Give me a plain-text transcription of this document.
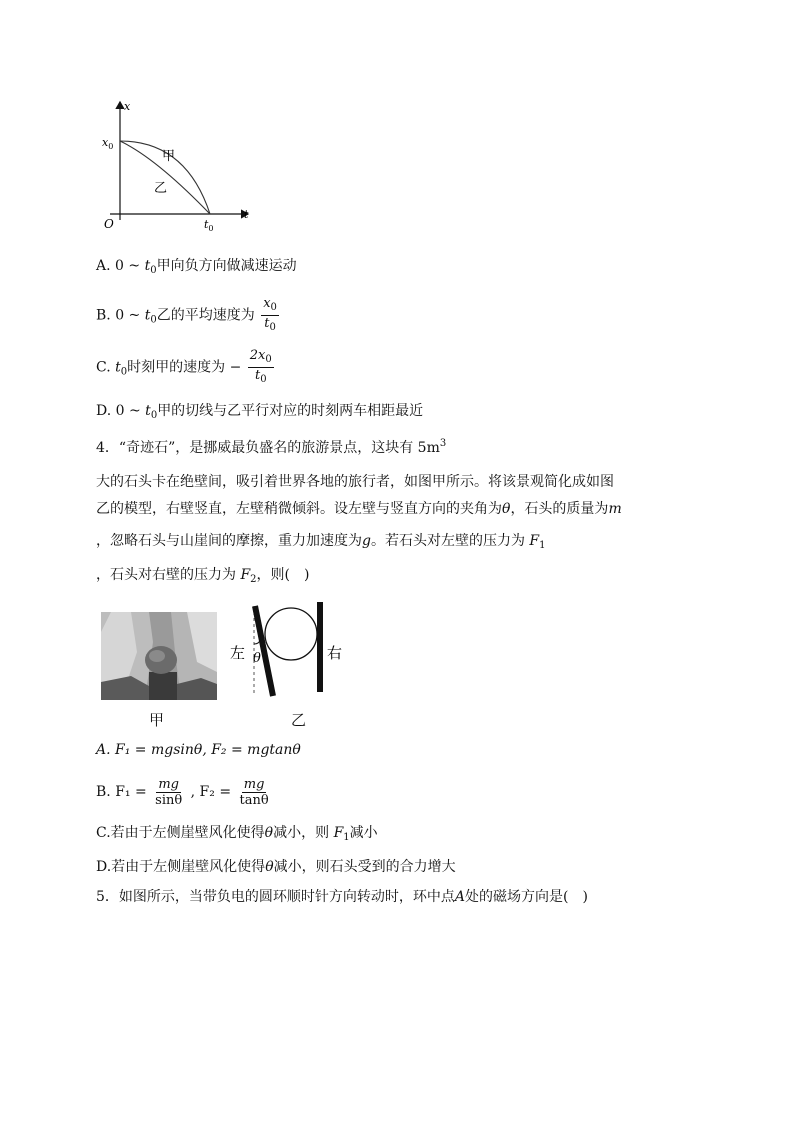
x
t
O
$x_0$
$t_0$
甲
乙
A. 0 ~ $t_0$甲向负方向做减速运动
B. 0 ~ $t_0$乙的平均速度为 $\frac{x_0}{t_0}$
C. $t_0$时刻甲的速度为 − $\frac{2x_0}{t_0}$
D. 0 ~ $t_0$甲的切线与乙平行对应的时刻两车相距最近
4．“奇迹石”，是挪威最负盛名的旅游景点，这块有 $5m^3$
大的石头卡在绝壁间，吸引着世界各地的旅行者，如图甲所示。将该景观简化成如图
乙的模型，右壁竖直，左壁稍微倾斜。设左壁与竖直方向的夹角为θ，石头的质量为m
，忽略石头与山崖间的摩擦，重力加速度为g。若石头对左壁的压力为 $F_1$
，石头对右壁的压力为 $F_2$，则(　)
甲
左 θ	右
乙
A. F₁ = mgsinθ, F₂ = mgtanθ
B. $F_1 = \frac{mg}{\sin\theta}$ , $F_2 = \frac{mg}{\tan\theta}$
C.若由于左侧崖壁风化使得θ减小，则 $F_1$减小
D.若由于左侧崖壁风化使得θ减小，则石头受到的合力增大
5．如图所示，当带负电的圆环顺时针方向转动时，环中点A处的磁场方向是(　)
